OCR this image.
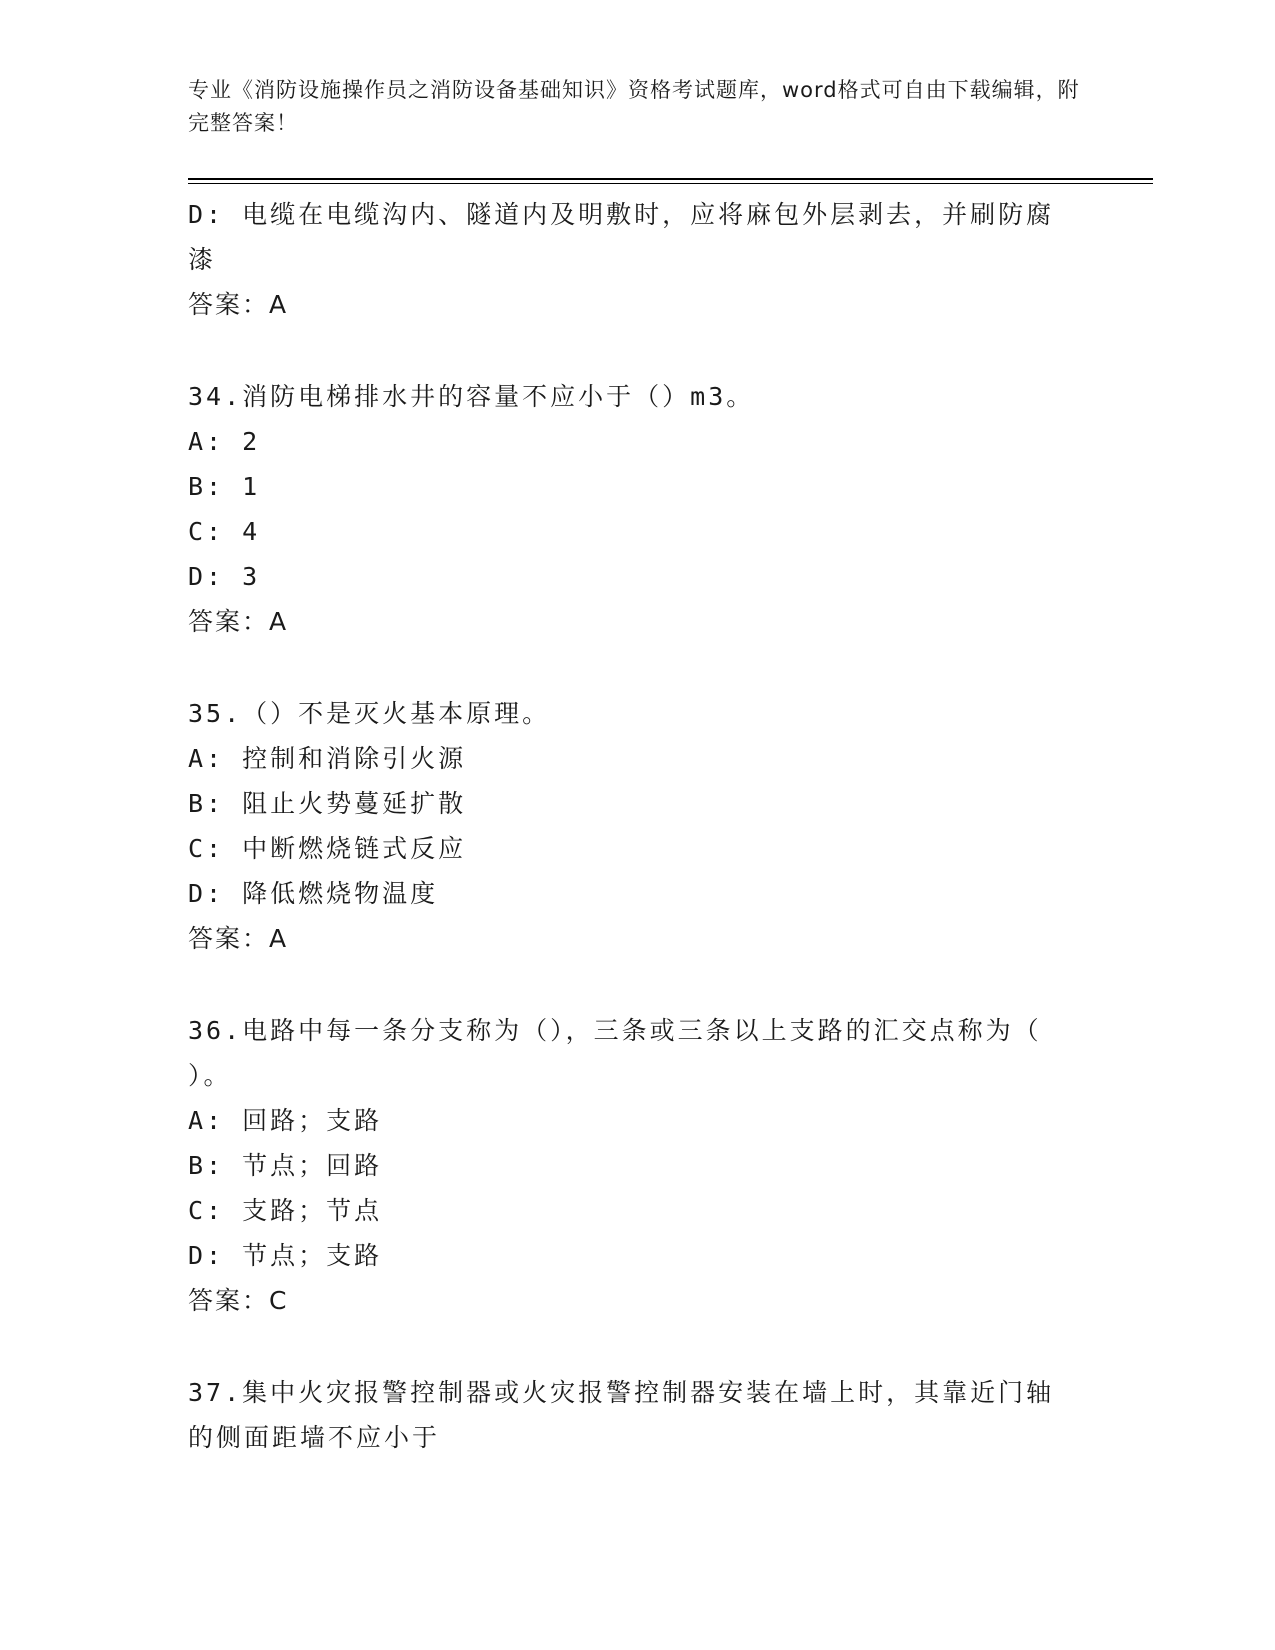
专业《消防设施操作员之消防设备基础知识》资格考试题库，word格式可自由下载编辑，附完整答案！
D: 电缆在电缆沟内、隧道内及明敷时，应将麻包外层剥去，并刷防腐
漆
答案：A
34.消防电梯排水井的容量不应小于（）m3。
A: 2
B: 1
C: 4
D: 3
答案：A
35.（）不是灭火基本原理。
A: 控制和消除引火源
B: 阻止火势蔓延扩散
C: 中断燃烧链式反应
D: 降低燃烧物温度
答案：A
36.电路中每一条分支称为（），三条或三条以上支路的汇交点称为（
）。
A: 回路；支路
B: 节点；回路
C: 支路；节点
D: 节点；支路
答案：C
37.集中火灾报警控制器或火灾报警控制器安装在墙上时，其靠近门轴
的侧面距墙不应小于
